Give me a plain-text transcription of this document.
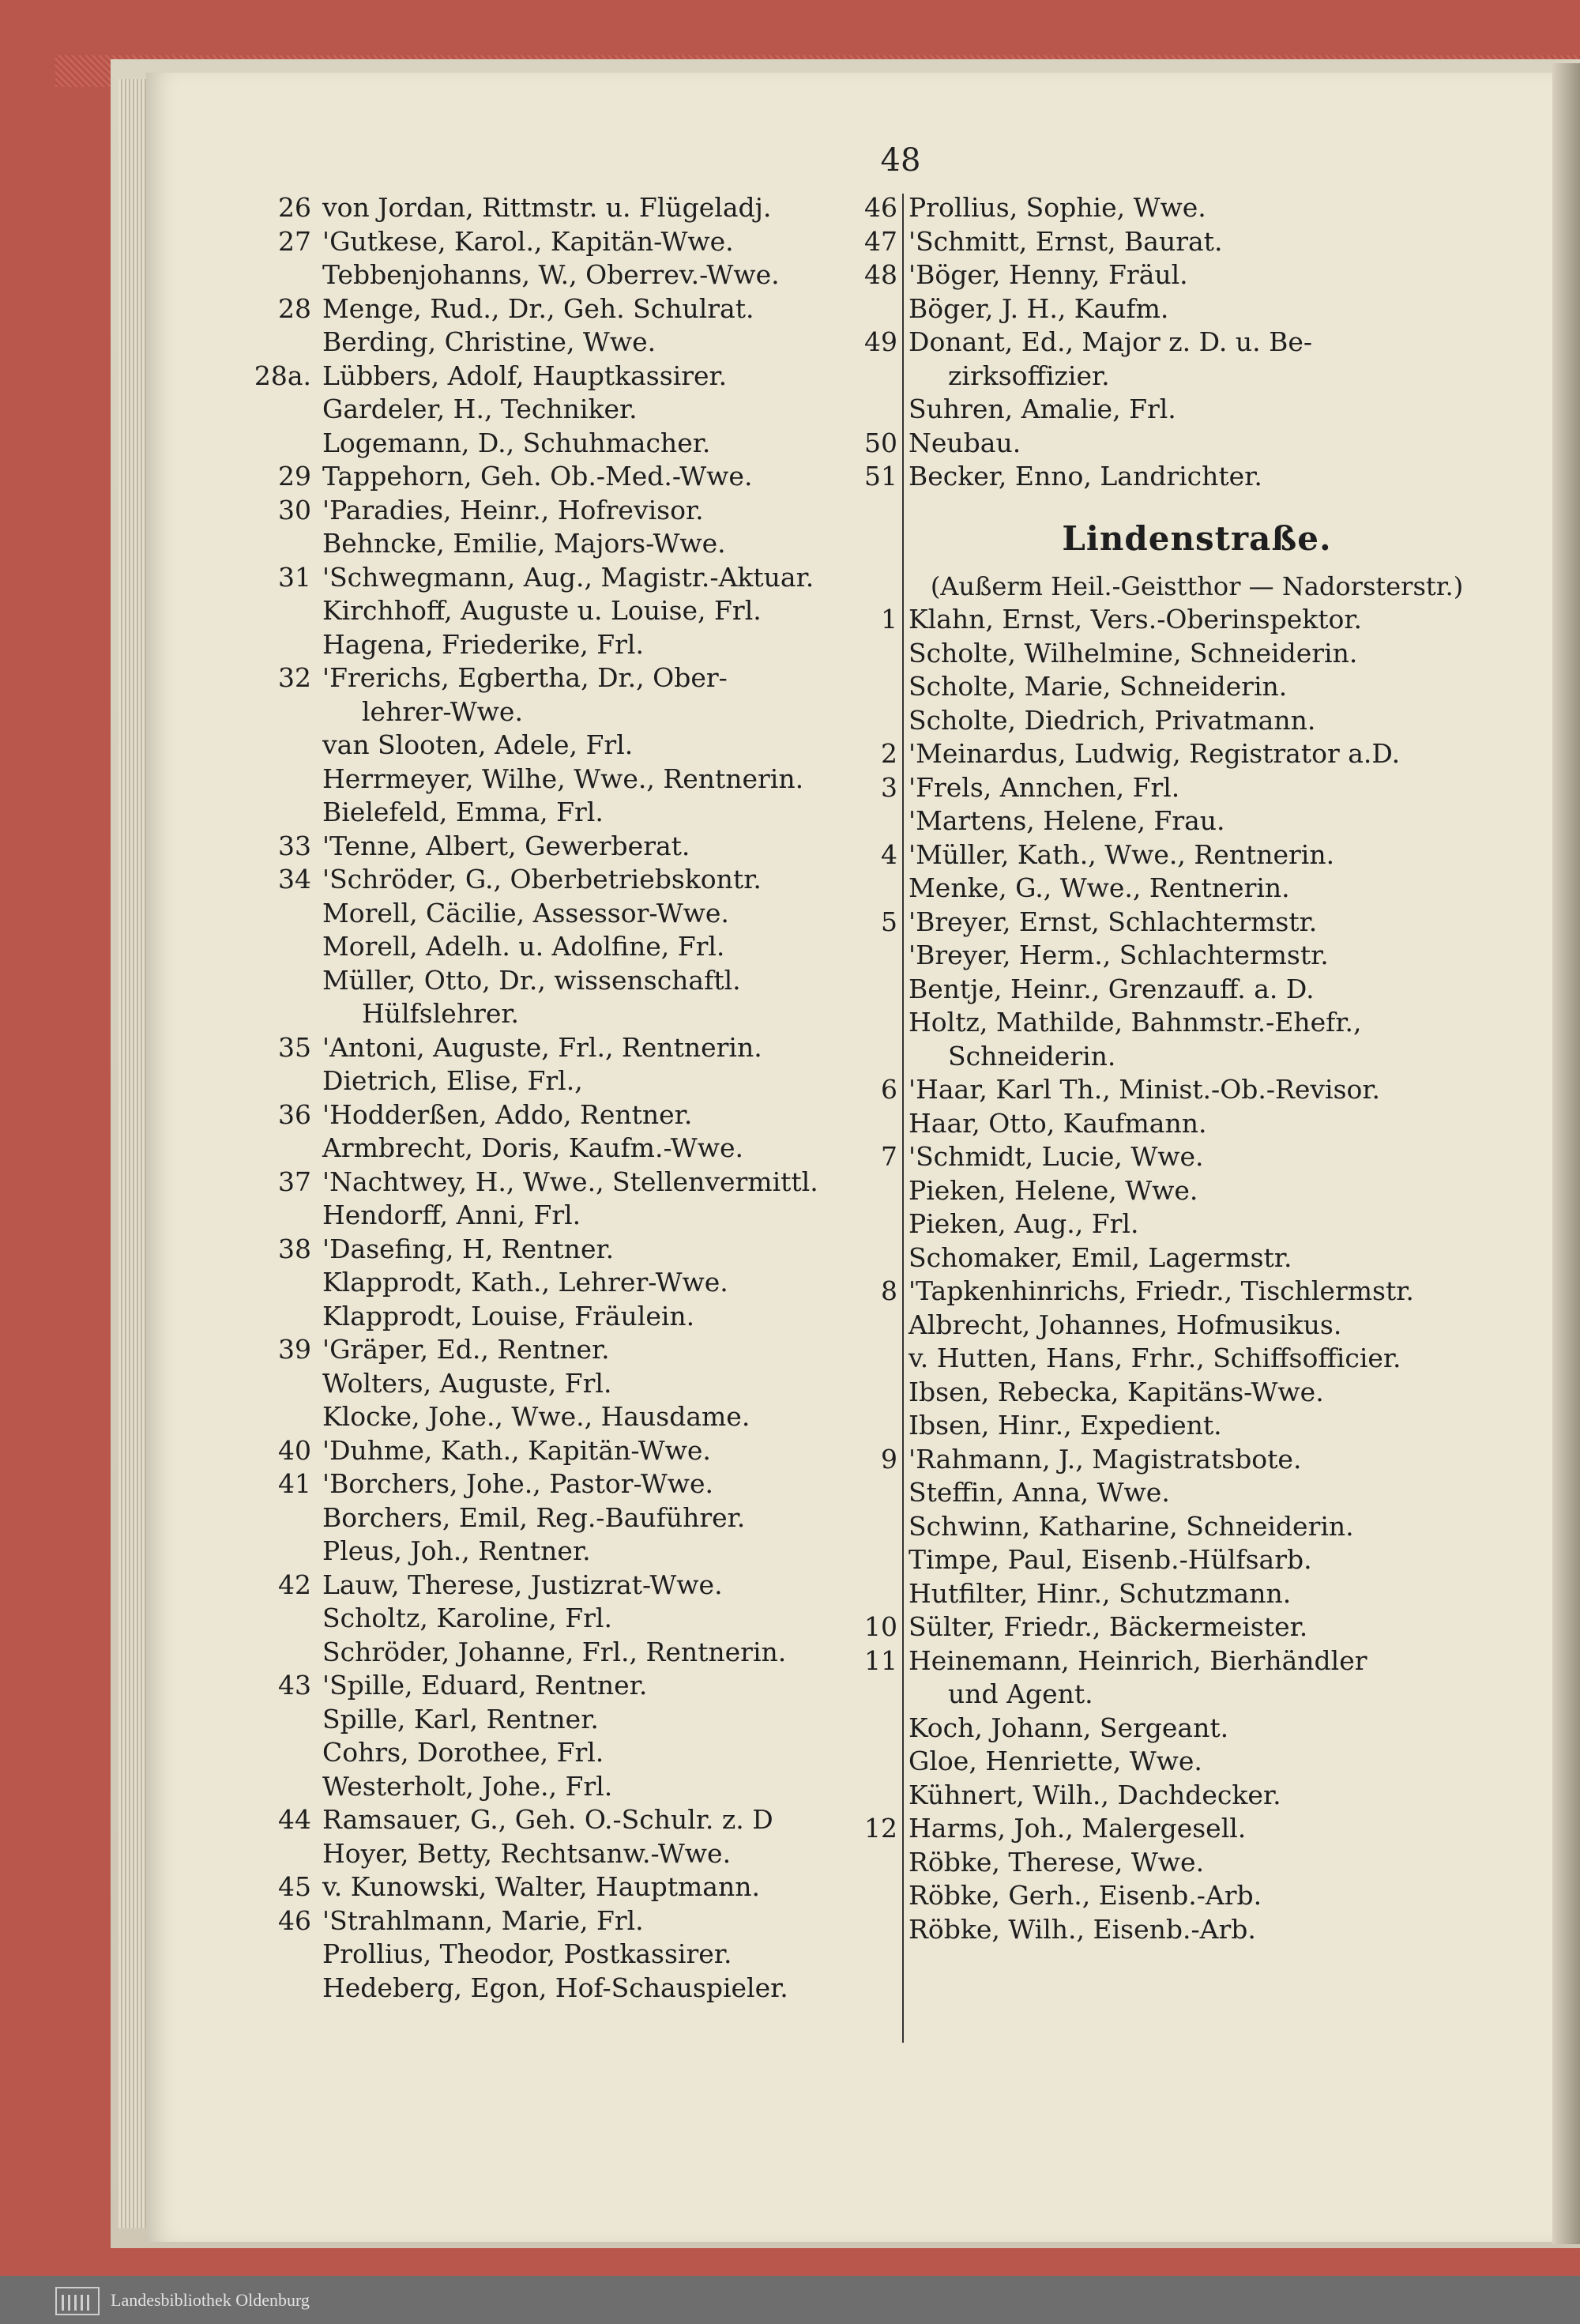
48
26 von Jordan, Rittmstr. u. Flügeladj.
27 'Gutkese, Karol., Kapitän-Wwe.
Tebbenjohanns, W., Oberrev.-Wwe.
28 Menge, Rud., Dr., Geh. Schulrat.
Berding, Christine, Wwe.
28a. Lübbers, Adolf, Hauptkassirer.
Gardeler, H., Techniker.
Logemann, D., Schuhmacher.
29 Tappehorn, Geh. Ob.-Med.-Wwe.
30 'Paradies, Heinr., Hofrevisor.
Behncke, Emilie, Majors-Wwe.
31 'Schwegmann, Aug., Magistr.-Aktuar.
Kirchhoff, Auguste u. Louise, Frl.
Hagena, Friederike, Frl.
32 'Frerichs, Egbertha, Dr., Ober-
lehrer-Wwe.
van Slooten, Adele, Frl.
Herrmeyer, Wilhe, Wwe., Rentnerin.
Bielefeld, Emma, Frl.
33 'Tenne, Albert, Gewerberat.
34 'Schröder, G., Oberbetriebskontr.
Morell, Cäcilie, Assessor-Wwe.
Morell, Adelh. u. Adolfine, Frl.
Müller, Otto, Dr., wissenschaftl.
Hülfslehrer.
35 'Antoni, Auguste, Frl., Rentnerin.
Dietrich, Elise, Frl.,
36 'Hodderßen, Addo, Rentner.
Armbrecht, Doris, Kaufm.-Wwe.
37 'Nachtwey, H., Wwe., Stellenvermittl.
Hendorff, Anni, Frl.
38 'Dasefing, H, Rentner.
Klapprodt, Kath., Lehrer-Wwe.
Klapprodt, Louise, Fräulein.
39 'Gräper, Ed., Rentner.
Wolters, Auguste, Frl.
Klocke, Johe., Wwe., Hausdame.
40 'Duhme, Kath., Kapitän-Wwe.
41 'Borchers, Johe., Pastor-Wwe.
Borchers, Emil, Reg.-Bauführer.
Pleus, Joh., Rentner.
42 Lauw, Therese, Justizrat-Wwe.
Scholtz, Karoline, Frl.
Schröder, Johanne, Frl., Rentnerin.
43 'Spille, Eduard, Rentner.
Spille, Karl, Rentner.
Cohrs, Dorothee, Frl.
Westerholt, Johe., Frl.
44 Ramsauer, G., Geh. O.-Schulr. z. D
Hoyer, Betty, Rechtsanw.-Wwe.
45 v. Kunowski, Walter, Hauptmann.
46 'Strahlmann, Marie, Frl.
Prollius, Theodor, Postkassirer.
Hedeberg, Egon, Hof-Schauspieler.
46 Prollius, Sophie, Wwe.
47 'Schmitt, Ernst, Baurat.
48 'Böger, Henny, Fräul.
Böger, J. H., Kaufm.
49 Donant, Ed., Major z. D. u. Be-
zirksoffizier.
Suhren, Amalie, Frl.
50 Neubau.
51 Becker, Enno, Landrichter.
Lindenstraße.
(Außerm Heil.-Geistthor — Nadorsterstr.)
1 Klahn, Ernst, Vers.-Oberinspektor.
Scholte, Wilhelmine, Schneiderin.
Scholte, Marie, Schneiderin.
Scholte, Diedrich, Privatmann.
2 'Meinardus, Ludwig, Registrator a.D.
3 'Frels, Annchen, Frl.
'Martens, Helene, Frau.
4 'Müller, Kath., Wwe., Rentnerin.
Menke, G., Wwe., Rentnerin.
5 'Breyer, Ernst, Schlachtermstr.
'Breyer, Herm., Schlachtermstr.
Bentje, Heinr., Grenzauff. a. D.
Holtz, Mathilde, Bahnmstr.-Ehefr.,
Schneiderin.
6 'Haar, Karl Th., Minist.-Ob.-Revisor.
Haar, Otto, Kaufmann.
7 'Schmidt, Lucie, Wwe.
Pieken, Helene, Wwe.
Pieken, Aug., Frl.
Schomaker, Emil, Lagermstr.
8 'Tapkenhinrichs, Friedr., Tischlermstr.
Albrecht, Johannes, Hofmusikus.
v. Hutten, Hans, Frhr., Schiffsofficier.
Ibsen, Rebecka, Kapitäns-Wwe.
Ibsen, Hinr., Expedient.
9 'Rahmann, J., Magistratsbote.
Steffin, Anna, Wwe.
Schwinn, Katharine, Schneiderin.
Timpe, Paul, Eisenb.-Hülfsarb.
Hutfilter, Hinr., Schutzmann.
10 Sülter, Friedr., Bäckermeister.
11 Heinemann, Heinrich, Bierhändler
und Agent.
Koch, Johann, Sergeant.
Gloe, Henriette, Wwe.
Kühnert, Wilh., Dachdecker.
12 Harms, Joh., Malergesell.
Röbke, Therese, Wwe.
Röbke, Gerh., Eisenb.-Arb.
Röbke, Wilh., Eisenb.-Arb.
Landesbibliothek Oldenburg
